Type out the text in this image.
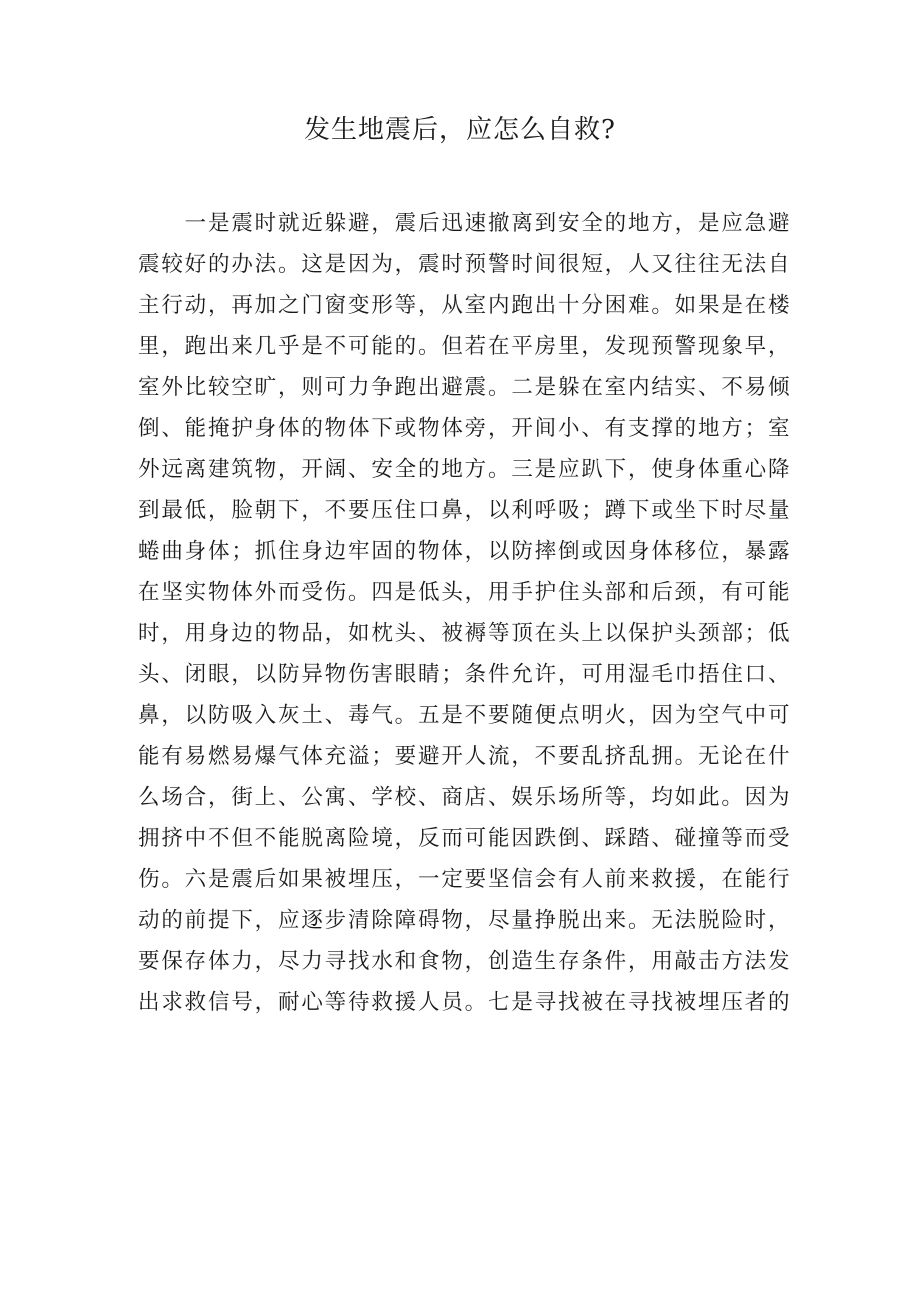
发生地震后，应怎么自救?
　　一是震时就近躲避，震后迅速撤离到安全的地方，是应急避
震较好的办法。这是因为，震时预警时间很短，人又往往无法自
主行动，再加之门窗变形等，从室内跑出十分困难。如果是在楼
里，跑出来几乎是不可能的。但若在平房里，发现预警现象早，
室外比较空旷，则可力争跑出避震。二是躲在室内结实、不易倾
倒、能掩护身体的物体下或物体旁，开间小、有支撑的地方；室
外远离建筑物，开阔、安全的地方。三是应趴下，使身体重心降
到最低，脸朝下，不要压住口鼻，以利呼吸；蹲下或坐下时尽量
蜷曲身体；抓住身边牢固的物体，以防摔倒或因身体移位，暴露
在坚实物体外而受伤。四是低头，用手护住头部和后颈，有可能
时，用身边的物品，如枕头、被褥等顶在头上以保护头颈部；低
头、闭眼，以防异物伤害眼睛；条件允许，可用湿毛巾捂住口、
鼻，以防吸入灰土、毒气。五是不要随便点明火，因为空气中可
能有易燃易爆气体充溢；要避开人流，不要乱挤乱拥。无论在什
么场合，街上、公寓、学校、商店、娱乐场所等，均如此。因为
拥挤中不但不能脱离险境，反而可能因跌倒、踩踏、碰撞等而受
伤。六是震后如果被埋压，一定要坚信会有人前来救援，在能行
动的前提下，应逐步清除障碍物，尽量挣脱出来。无法脱险时，
要保存体力，尽力寻找水和食物，创造生存条件，用敲击方法发
出求救信号，耐心等待救援人员。七是寻找被在寻找被埋压者的
